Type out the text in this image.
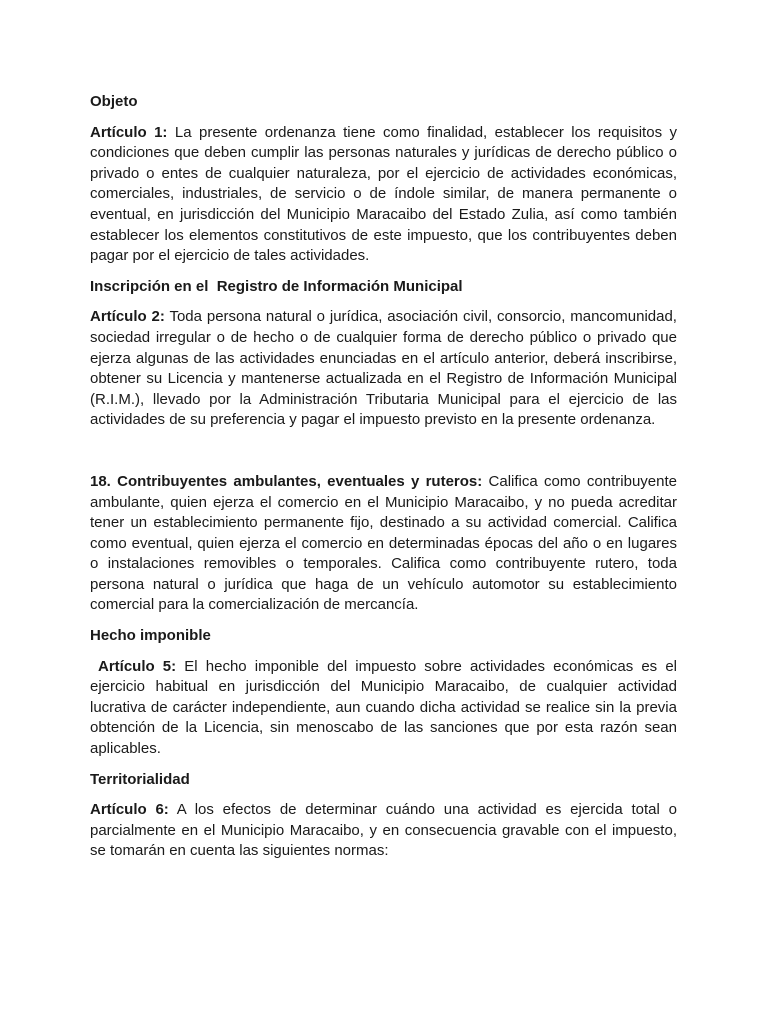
Objeto
Artículo 1: La presente ordenanza tiene como finalidad, establecer los requisitos y condiciones que deben cumplir las personas naturales y jurídicas de derecho público o privado o entes de cualquier naturaleza, por el ejercicio de actividades económicas, comerciales, industriales, de servicio o de índole similar, de manera permanente o eventual, en jurisdicción del Municipio Maracaibo del Estado Zulia, así como también establecer los elementos constitutivos de este impuesto, que los contribuyentes deben pagar por el ejercicio de tales actividades.
Inscripción en el  Registro de Información Municipal
Artículo 2: Toda persona natural o jurídica, asociación civil, consorcio, mancomunidad, sociedad irregular o de hecho o de cualquier forma de derecho público o privado que ejerza algunas de las actividades enunciadas en el artículo anterior, deberá inscribirse, obtener su Licencia y mantenerse actualizada en el Registro de Información Municipal (R.I.M.), llevado por la Administración Tributaria Municipal para el ejercicio de las actividades de su preferencia y pagar el impuesto previsto en la presente ordenanza.
18. Contribuyentes ambulantes, eventuales y ruteros: Califica como contribuyente ambulante, quien ejerza el comercio en el Municipio Maracaibo, y no pueda acreditar tener un establecimiento permanente fijo, destinado a su actividad comercial. Califica como eventual, quien ejerza el comercio en determinadas épocas del año o en lugares o instalaciones removibles o temporales. Califica como contribuyente rutero, toda persona natural o jurídica que haga de un vehículo automotor su establecimiento comercial para la comercialización de mercancía.
Hecho imponible
Artículo 5: El hecho imponible del impuesto sobre actividades económicas es el ejercicio habitual en jurisdicción del Municipio Maracaibo, de cualquier actividad lucrativa de carácter independiente, aun cuando dicha actividad se realice sin la previa obtención de la Licencia, sin menoscabo de las sanciones que por esta razón sean aplicables.
Territorialidad
Artículo 6: A los efectos de determinar cuándo una actividad es ejercida total o parcialmente en el Municipio Maracaibo, y en consecuencia gravable con el impuesto, se tomarán en cuenta las siguientes normas:
